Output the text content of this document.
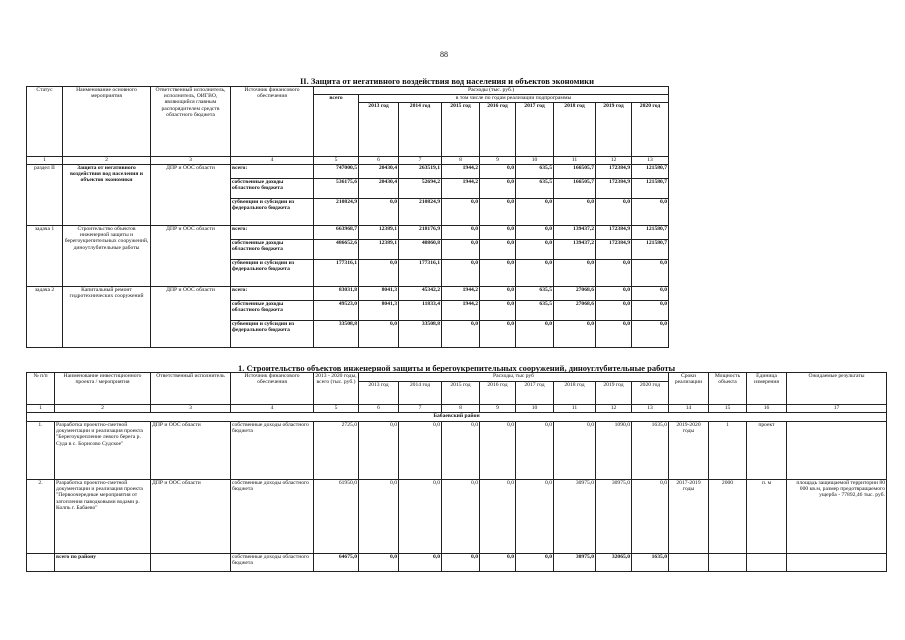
88
II. Защита от негативного воздействия вод населения и объектов экономики
Статус	Наименование основного мероприятия	Ответственный исполнитель, исполнитель, ОИГВО, являющийся главным распорядителем средств областного бюджета	Источник финансового обеспечения	Расходы (тыс. руб.)								
				всего	в том числе по годам реализации подпрограммы							
					2013 год	2014 год	2015 год	2016 год	2017 год	2018 год	2019 год	2020 год
1	2	3	4	5	6	7	8	9	10	11	12	13
раздел II	Защита от негативного воздействия вод населения и объектов экономики	ДПР и ООС области	всего:	747000,5	20430,4	263519,1	1944,2	0,0	635,5	166505,7	172384,9	121580,7
			собственные доходы областного бюджета	536175,6	20430,4	52694,2	1944,2	0,0	635,5	166505,7	172384,9	121580,7
			субвенции и субсидии из федерального бюджета	210824,9	0,0	210824,9	0,0	0,0	0,0	0,0	0,0	0,0
задача 1	Строительство объектов инженерной защиты и берегоукрепительных сооружений, диноутлубительные работы	ДПР и ООС области	всего:	663968,7	12389,1	218176,9	0,0	0,0	0,0	139437,2	172384,9	121580,7
			собственные доходы областного бюджета	486652,6	12389,1	40860,8	0,0	0,0	0,0	139437,2	172384,9	121580,7
			субвенции и субсидии из федерального бюджета	177316,1	0,0	177316,1	0,0	0,0	0,0	0,0	0,0	0,0
задача 2	Капитальный ремонт гидротехнических сооружений	ДПР и ООС области	всего:	83031,8	8041,3	45342,2	1944,2	0,0	635,5	27068,6	0,0	0,0
			собственные доходы областного бюджета	49523,0	8041,3	11833,4	1944,2	0,0	635,5	27068,6	0,0	0,0
			субвенции и субсидии из федерального бюджета	33508,8	0,0	33508,8	0,0	0,0	0,0	0,0	0,0	0,0
1. Строительство объектов инженерной защиты и берегоукрепительных сооружений, диноуглубительные работы
№ п/п	Наименование инвестиционного проекта / мероприятия	Ответственный исполнитель	Источник финансового обеспечения	2013 - 2020 годы, всего (тыс. руб.)	Расходы, тыс руб								Сроки реализации	Мощность объекта	Единица измерения	Ожидаемые результаты
					2013 год	2014 год	2015 год	2016 год	2017 год	2018 год	2019 год	2020 год				
1	2	3	4	5	6	7	8	9	10	11	12	13	14	15	16	17
Бабаевский район																
1.	Разработка проектно-сметной документации и реализация проекта "Берегоукрепление левого берега р. Суда в с. Борисово Судское"	ДПР и ООС области	собственные доходы областного бюджета	2725,0	0,0	0,0	0,0	0,0	0,0	0,0	1090,0	1635,0	2019-2020 годы	1	проект	
2.	Разработка проектно-сметной документации и реализация проекта "Первоочередные мероприятия от затопления паводковыми водами р. Колпь г. Бабаево"	ДПР и ООС области	собственные доходы областного бюджета	61950,0	0,0	0,0	0,0	0,0	0,0	30975,0	30975,0	0,0	2017-2019 годы	2000	п. м	площадь защищаемой территории 80 000 кв.м, размер предотвращаемого ущерба - 77892,46 тыс. руб.
	всего по району		собственные доходы областного бюджета	64675,0	0,0	0,0	0,0	0,0	0,0	30975,0	32065,0	1635,0				
